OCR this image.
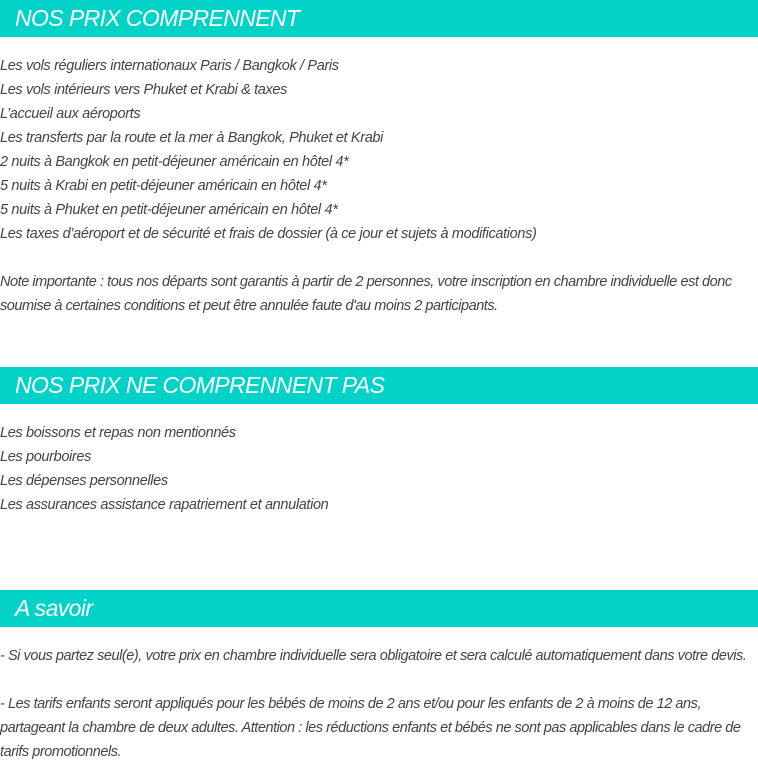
NOS PRIX COMPRENNENT
Les vols réguliers internationaux Paris / Bangkok / Paris
Les vols intérieurs vers Phuket et Krabi & taxes
L’accueil aux aéroports
Les transferts par la route et la mer à Bangkok, Phuket et Krabi
2 nuits à Bangkok en petit-déjeuner américain en hôtel 4*
5 nuits à Krabi en petit-déjeuner américain en hôtel 4*
5 nuits à Phuket en petit-déjeuner américain en hôtel 4*
Les taxes d’aéroport et de sécurité et frais de dossier (à ce jour et sujets à modifications)

Note importante : tous nos départs sont garantis à partir de 2 personnes, votre inscription en chambre individuelle est donc soumise à certaines conditions et peut être annulée faute d'au moins 2 participants.

NOS PRIX NE COMPRENNENT PAS
Les boissons et repas non mentionnés
Les pourboires
Les dépenses personnelles
Les assurances assistance rapatriement et annulation
A savoir

- Si vous partez seul(e), votre prix en chambre individuelle sera obligatoire et sera calculé automatiquement dans votre devis.

- Les tarifs enfants seront appliqués pour les bébés de moins de 2 ans et/ou pour les enfants de 2 à moins de 12 ans, partageant la chambre de deux adultes. Attention : les réductions enfants et bébés ne sont pas applicables dans le cadre de tarifs promotionnels.
